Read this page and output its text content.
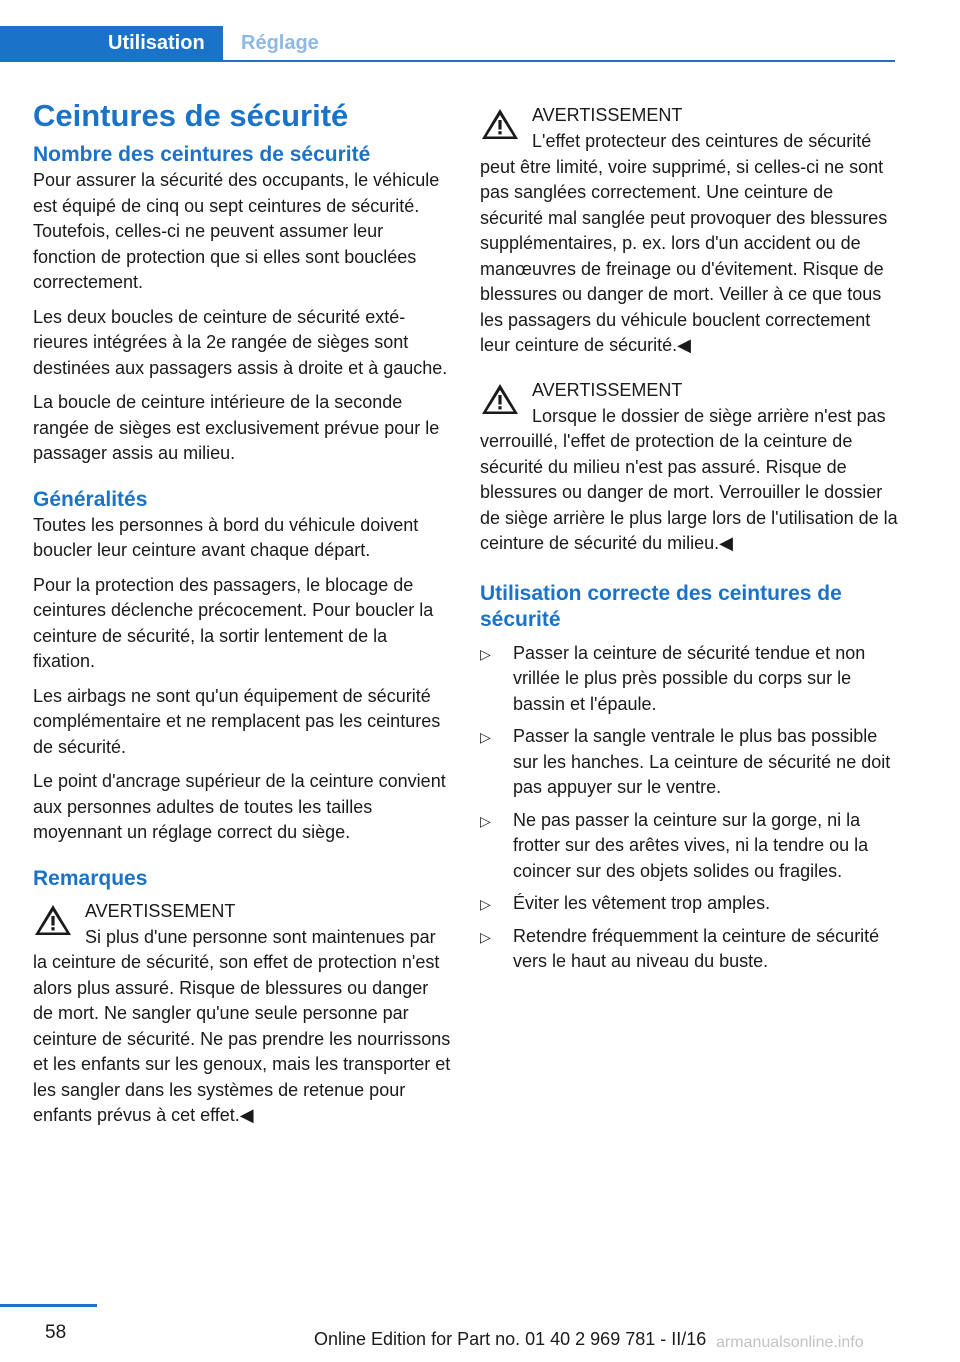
Utilisation Réglage
Ceintures de sécurité
Nombre des ceintures de sécurité

Pour assurer la sécurité des occupants, le véhicule est équipé de cinq ou sept ceintures de sécurité. Toutefois, celles-ci ne peuvent assumer leur fonction de protection que si elles sont bouclées correctement.

Les deux boucles de ceinture de sécurité extérieures intégrées à la 2e rangée de sièges sont destinées aux passagers assis à droite et à gauche.

La boucle de ceinture intérieure de la seconde rangée de sièges est exclusivement prévue pour le passager assis au milieu.

Généralités

Toutes les personnes à bord du véhicule doivent boucler leur ceinture avant chaque départ.

Pour la protection des passagers, le blocage de ceintures déclenche précocement. Pour boucler la ceinture de sécurité, la sortir lentement de la fixation.

Les airbags ne sont qu'un équipement de sécurité complémentaire et ne remplacent pas les ceintures de sécurité.

Le point d'ancrage supérieur de la ceinture convient aux personnes adultes de toutes les tailles moyennant un réglage correct du siège.

Remarques
AVERTISSEMENT
Si plus d'une personne sont maintenues par la ceinture de sécurité, son effet de protection n'est alors plus assuré. Risque de blessures ou danger de mort. Ne sangler qu'une seule personne par ceinture de sécurité. Ne pas prendre les nourrissons et les enfants sur les genoux, mais les transporter et les sangler dans les systèmes de retenue pour enfants prévus à cet effet.◀
AVERTISSEMENT
L'effet protecteur des ceintures de sécurité peut être limité, voire supprimé, si celles-ci ne sont pas sanglées correctement. Une ceinture de sécurité mal sanglée peut provoquer des blessures supplémentaires, p. ex. lors d'un accident ou de manœuvres de freinage ou d'évitement. Risque de blessures ou danger de mort. Veiller à ce que tous les passagers du véhicule bouclent correctement leur ceinture de sécurité.◀
AVERTISSEMENT
Lorsque le dossier de siège arrière n'est pas verrouillé, l'effet de protection de la ceinture de sécurité du milieu n'est pas assuré. Risque de blessures ou danger de mort. Verrouiller le dossier de siège arrière le plus large lors de l'utilisation de la ceinture de sécurité du milieu.◀
Utilisation correcte des ceintures de sécurité
▷ Passer la ceinture de sécurité tendue et non vrillée le plus près possible du corps sur le bassin et l'épaule.
▷ Passer la sangle ventrale le plus bas possible sur les hanches. La ceinture de sécurité ne doit pas appuyer sur le ventre.
▷ Ne pas passer la ceinture sur la gorge, ni la frotter sur des arêtes vives, ni la tendre ou la coincer sur des objets solides ou fragiles.
▷ Éviter les vêtement trop amples.
▷ Retendre fréquemment la ceinture de sécurité vers le haut au niveau du buste.
58	Online Edition for Part no. 01 40 2 969 781 - II/16 armanualsonline.info
